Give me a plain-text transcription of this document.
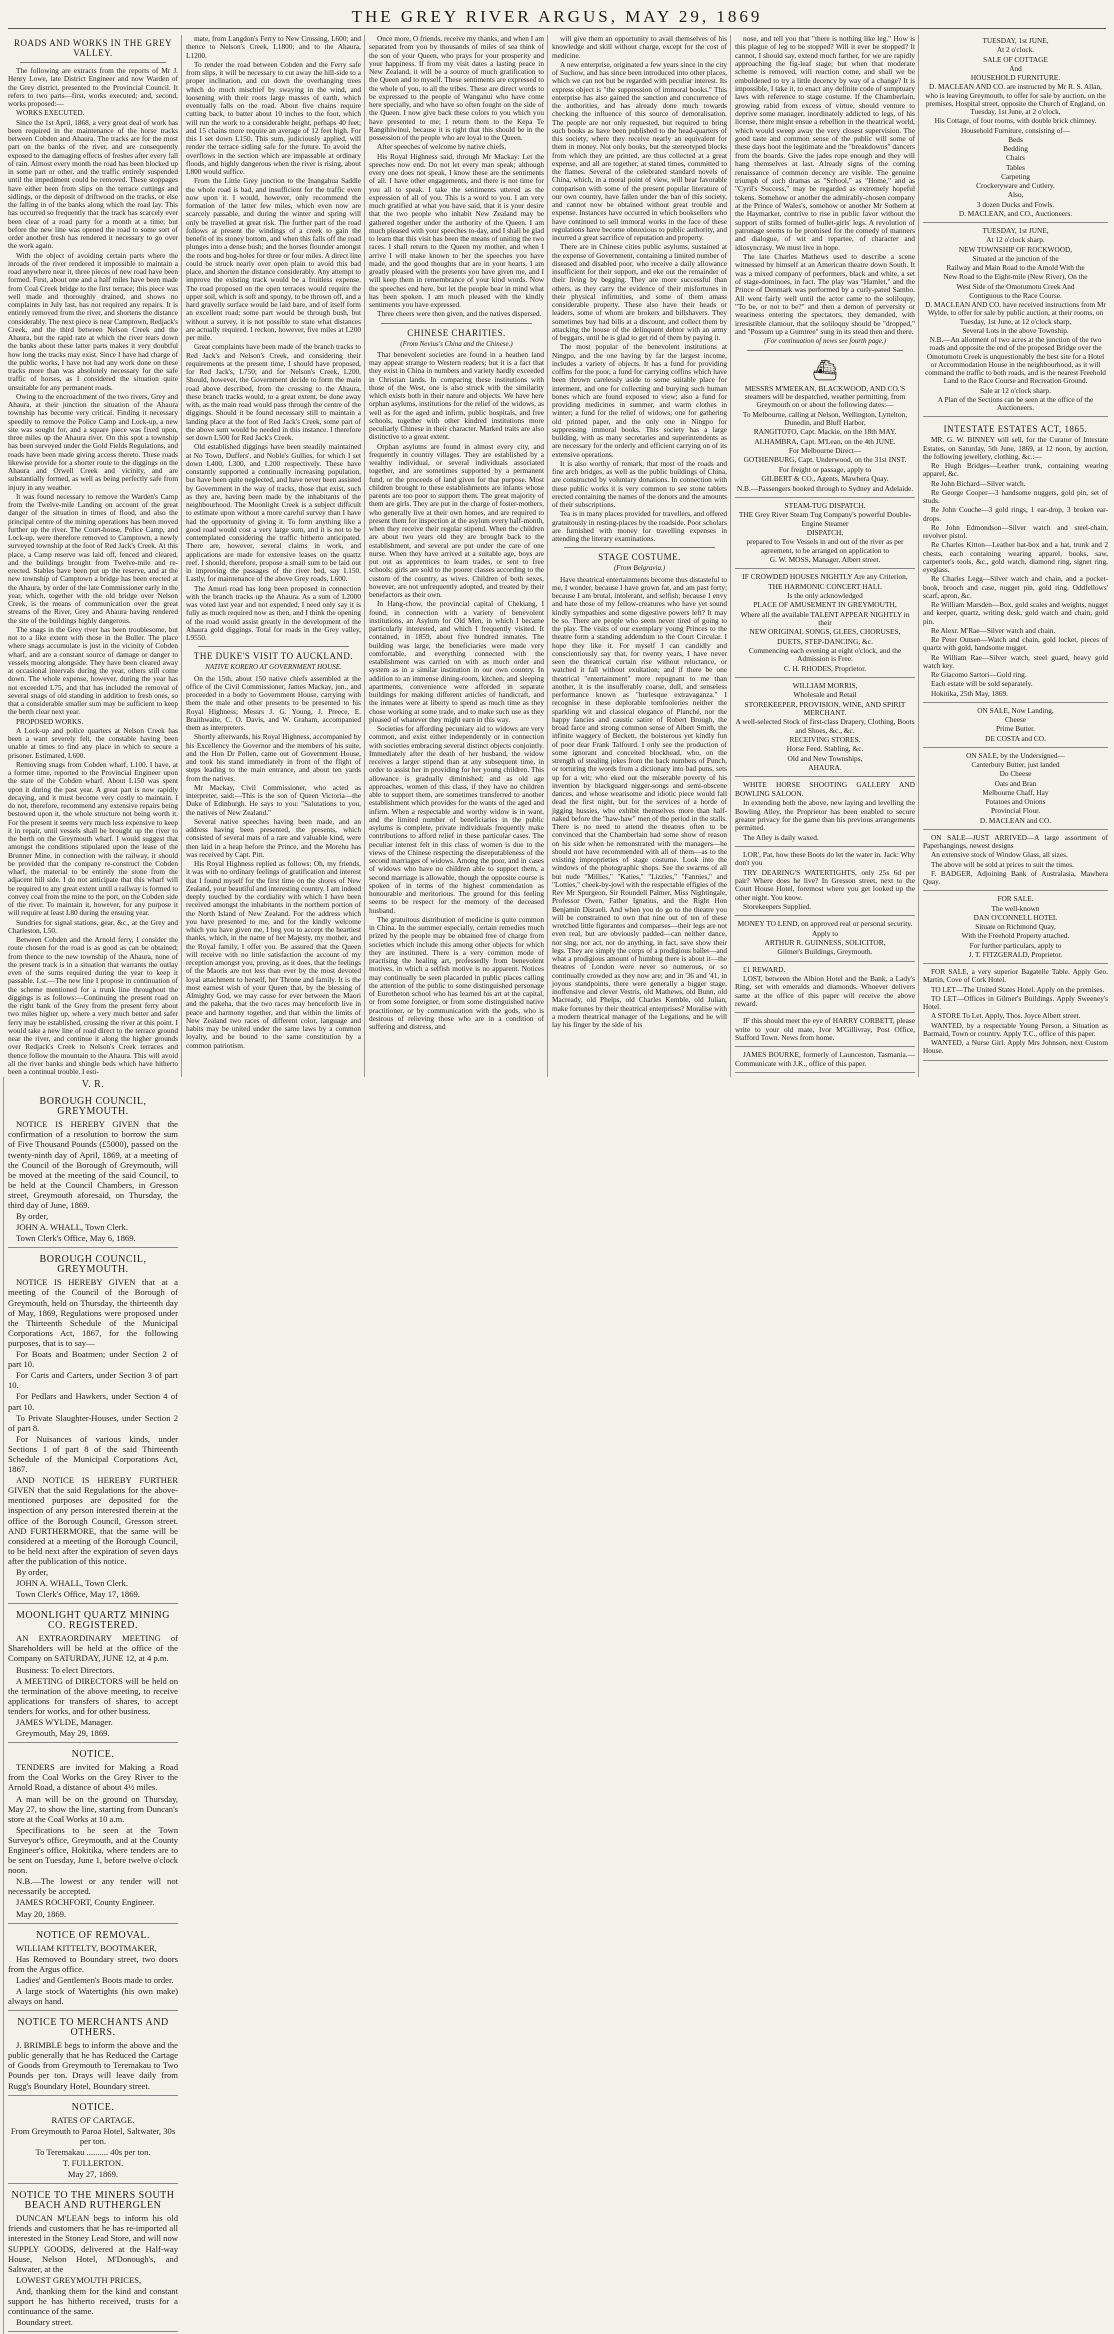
THE GREY RIVER ARGUS, MAY 29, 1869
ROADS AND WORKS IN THE GREY VALLEY.

The following are extracts from the reports of Mr J. Henry Lowe, late District Engineer and now Warden of the Grey district, presented to the Provincial Council. It refers to two parts—first, works executed; and, second, works proposed:—

WORKS EXECUTED.

Since the 1st April, 1868, a very great deal of work has been required in the maintenance of the horse tracks between Cobden and Ahaura. The tracks are for the most part on the banks of the river, and are consequently exposed to the damaging effects of freshes after every fall of rain. Almost every month the road has been blocked up in some part or other, and the traffic entirely suspended until the impediment could be removed. These stoppages have either been from slips on the terrace cuttings and sidlings, or the deposit of driftwood on the tracks, or else the falling in of the banks along which the road lay. This has occurred so frequently that the track has scarcely ever been clear of a road party for a month at a time; but before the new line was opened the road to some sort of order another fresh has rendered it necessary to go over the work again.

With the object of avoiding certain parts where the inroads of the river rendered it impossible to maintain a road anywhere near it, three pieces of new road have been formed. First, about one and a half miles have been made from Coal Creek bridge to the first terrace; this piece was well made and thoroughly drained, and shows no complaints in July last, has not required any repairs. It is entirely removed from the river, and shortens the distance considerably. The next piece is near Camptown, Redjack's Creek, and the third between Nelson Creek and the Ahaura, but the rapid rate at which the river tears down the banks about these latter parts makes it very doubtful how long the tracks may exist. Since I have had charge of the public works, I have not had any work done on these tracks more than was absolutely necessary for the safe traffic of horses, as I considered the situation quite unsuitable for any permanent roads.

Owing to the encroachment of the two rivers, Grey and Ahaura, at their junction the situation of the Ahaura township has become very critical. Finding it necessary speedily to remove the Police Camp and Lock-up, a new site was sought for, and a square piece was fixed upon, three miles up the Ahaura river. On this spot a township has been surveyed under the Gold Fields Regulations, and roads have been made giving access thereto. These roads likewise provide for a shorter route to the diggings on the Ahaura and Orwell Creek and vicinity, and are substantially formed, as well as being perfectly safe from injury in any weather.

It was found necessary to remove the Warden's Camp from the Twelve-mile Landing on account of the great danger of the situation in times of flood, and also the principal centre of the mining operations has been moved further up the river. The Court-house, Police Camp, and Lock-up, were therefore removed to Camptown, a newly surveyed township at the foot of Red Jack's Creek. At this place, a Camp reserve was laid off, fenced and cleared, and the buildings brought from Twelve-mile and re-erected. Stables have been put up the reserve, and at the new township of Camptown a bridge has been erected at the Ahaura, by order of the late Commissioner early in the year, which, together with the old bridge over Nelson Creek, is the means of communication over the great streams of the River, Grey and Ahaura having rendered the site of the buildings highly dangerous.

The snags in the Grey river has been troublesome, but not to a like extent with those in the Buller. The place where snags accumulate is just in the vicinity of Cobden wharf, and are a constant source of damage or danger to vessels mooring alongside. They have been cleared away at occasional intervals during the year, others still come down. The whole expense, however, during the year has not exceeded L75, and that has included the removal of several snags of old standing in addition to fresh ones, so that a considerable smaller sum may be sufficient to keep the berth clear next year.

PROPOSED WORKS.

A Lock-up and police quarters at Nelson Creek has been a want severely felt, the constable having been unable at times to find any place in which to secure a prisoner. Estimated, L600.

Removing snags from Cobden wharf, L100. I have, at a former time, reported to the Provincial Engineer upon the state of the Cobden wharf. About L150 was spent upon it during the past year. A great part is now rapidly decaying, and it must become very costly to maintain. I do not, therefore, recommend any extensive repairs being bestowed upon it, the whole structure not being worth it. For the present it seems very much less expensive to keep it in repair, until vessels shall be brought up the river to the berth on the Greymouth wharf. I would suggest that amongst the conditions stipulated upon the lease of the Brunner Mine, in connection with the railway, it should be provided that the company re-construct the Cobden wharf, the material to be entirely the stone from the adjacent hill side. I do not anticipate that this wharf will be required to any great extent until a railway is formed to convey coal from the mine to the port, on the Cobden side of the river. To maintain it, however, for any purpose it will require at least L80 during the ensuing year.

Sundries for signal stations, gear, &c., at the Grey and Charleston, L50.

Between Cobden and the Arnold ferry, I consider the route chosen for the road is as good as can be obtained; from thence to the new township of the Ahaura, none of the present track is in a situation that warrants the outlay even of the sums required during the year to keep it passable. Lst.—The new line I propose in continuation of the scheme mentioned for a trunk line throughout the diggings is as follows:—Continuing the present road on the right bank of the Grey from the present ferry about two miles higher up, where a very much better and safer ferry may be established, crossing the river at this point. I would take a new line of road direct to the terrace ground near the river, and continue it along the higher grounds over Redjack's Creek to Nelson's Creek terraces and thence follow the mountain to the Ahaura. This will avoid all the river banks and shingle beds which have hitherto been a continual trouble. I esti-

mate, from Langdon's Ferry to New Crossing, L600; and thence to Nelson's Creek, L1800; and to the Ahaura, L1200.

To render the road between Cobden and the Ferry safe from slips, it will be necessary to cut away the hill-side to a proper inclination, and cut down the overhanging trees which do much mischief by swaying in the wind, and loosening with their roots large masses of earth, which eventually falls on the road. About five chains require cutting back, to batter about 10 inches to the foot, which will run the work to a considerable height, perhaps 40 feet; and 15 chains more require an average of 12 feet high. For this I set down L150. This sum, judiciously applied, will render the terrace sidling safe for the future. To avoid the overflows in the section which are impassable at ordinary floods, and highly dangerous when the river is rising, about L800 would suffice.

From the Little Grey junction to the Inangahua Saddle the whole road is bad, and insufficient for the traffic even now upon it. I would, however, only recommend the formation of the latter few miles, which even now are scarcely passable, and during the winter and spring will only be travelled at great risk. The further part of the road follows at present the windings of a creek to gain the benefit of its stoney bottom, and when this falls off the road plunges into a dense bush; and the horses flounder amongst the roots and bog-holes for three or four miles. A direct line could be struck nearly over open plain to avoid this bad place, and shorten the distance considerably. Any attempt to improve the existing track would be a fruitless expense. The road proposed on the open terraces would require the upper soil, which is soft and spongy, to be thrown off, and a hard gravelly surface would be laid bare, and of itself form an excellent road; some part would be through bush, but without a survey, it is not possible to state what distances are actually required. I reckon, however, five miles at L200 per mile.

Great complaints have been made of the branch tracks to Red Jack's and Nelson's Creek, and considering their requirements at the present time, I should have proposed, for Red Jack's, L750; and for Nelson's Creek, L200. Should, however, the Government decide to form the main road above described, from the crossing to the Ahaura, these branch tracks would, to a great extent, be done away with, as the main road would pass through the centre of the diggings. Should it be found necessary still to maintain a landing place at the foot of Red Jack's Creek, some part of the above sum would be needed in this instance. I therefore set down L500 for Red Jack's Creek.

Old established diggings have been steadily maintained at No Town, Duffers', and Noble's Gullies, for which I set down L400, L300, and L200 respectively. These have constantly supported a continually increasing population, but have been quite neglected, and have never been assisted by Government in the way of tracks, those that exist, such as they are, having been made by the inhabitants of the neighbourhood. The Moonlight Creek is a subject difficult to estimate upon without a more careful survey than I have had the opportunity of giving it. To form anything like a good road would cost a very large sum, and it is not to be contemplated considering the traffic hitherto anticipated. There are, however, several claims in work, and applications are made for extensive leases on the quartz reef. I should, therefore, propose a small sum to be laid out in improving the passages of the river bed, say L150. Lastly, for maintenance of the above Grey roads, L600.

The Amuri road has long been proposed in connection with the branch tracks up the Ahaura. As a sum of L2000 was voted last year and not expended, I need only say it is fully as much required now as then, and I think the opening of the road would assist greatly in the development of the Ahaura gold diggings. Total for roads in the Grey valley, L9550.

THE DUKE'S VISIT TO AUCKLAND.
NATIVE KORERO AT GOVERNMENT HOUSE.

On the 15th, about 150 native chiefs assembled at the office of the Civil Commissioner, James Mackay, jun., and proceeded in a body to Government House, carrying with them the male and other presents to be presented to his Royal Highness; Messrs J. G. Young, J. Preece, E. Braithwaite, C. O. Davis, and W. Graham, accompanied them as interpreters.

Shortly afterwards, his Royal Highness, accompanied by his Excellency the Governor and the members of his suite, and the Hon Dr Pollen, came out of Government House, and took his stand immediately in front of the flight of steps leading to the main entrance, and about ten yards from the natives.

Mr Mackay, Civil Commissioner, who acted as interpreter, said:—This is the son of Queen Victoria—the Duke of Edinburgh. He says to you: "Salutations to you, the natives of New Zealand."

Several native speeches having been made, and an address having been presented, the presents, which consisted of several mats of a rare and valuable kind, were then laid in a heap before the Prince, and the Morehu has was received by Capt. Pitt.

His Royal Highness replied as follows: Oh, my friends, it was with no ordinary feelings of gratification and interest that I found myself for the first time on the shores of New Zealand, your beautiful and interesting country. I am indeed deeply touched by the cordiality with which I have been received amongst the inhabitants in the northern portion of the North Island of New Zealand. For the address which you have presented to me, and for the kindly welcome which you have given me, I beg you to accept the heartiest thanks, which, in the name of her Majesty, my mother, and the Royal family, I offer you. Be assured that the Queen will receive with no little satisfaction the account of my reception amongst you, proving, as it does, that the feelings of the Maoris are not less than ever by the most devoted loyal attachment to herself, her Throne and family. It is the most earnest wish of your Queen that, by the blessing of Almighty God, we may cause for ever between the Maori and the pakeha, that the two races may henceforth live in peace and harmony together, and that within the limits of New Zealand two races of different color, language and habits may be united under the same laws by a common loyalty, and be bound to the same constitution by a common patriotism.

Once more, O friends, receive my thanks, and when I am separated from you by thousands of miles of sea think of the son of your Queen, who prays for your prosperity and your happiness. If from my visit dates a lasting peace in New Zealand, it will be a source of much gratification to the Queen and to myself. These sentiments are expressed to the whole of you, to all the tribes. These are direct words to be expressed to the people of Wanganui who have come here specially, and who have so often fought on the side of the Queen. I now give back these colors to you which you have presented to me; I return them to the Kepa Te Rangihiwinui, because it is right that this should be in the possession of the people who are loyal to the Queen.

After speeches of welcome by native chiefs,

His Royal Highness said, through Mr Mackay: Let the speeches now end. Do not let every man speak; although every one does not speak, I know these are the sentiments of all. I have other engagements, and there is not time for you all to speak. I take the sentiments uttered as the expression of all of you. This is a word to you. I am very much gratified at what you have said, that it is your desire that the two people who inhabit New Zealand may be gathered together under the authority of the Queen. I am much pleased with your speeches to-day, and I shall be glad to learn that this visit has been the means of uniting the two races. I shall return to the Queen my mother, and when I arrive I will make known to her the speeches you have made, and the good thoughts that are in your hearts. I am greatly pleased with the presents you have given me, and I will keep them in remembrance of your kind words. Now the speeches end here, but let the people bear in mind what has been spoken. I am much pleased with the kindly sentiments you have expressed.

Three cheers were then given, and the natives dispersed.

CHINESE CHARITIES.
(From Nevius's China and the Chinese.)

That benevolent societies are found in a heathen land may appear strange to Western readers; but it is a fact that they exist in China in numbers and variety hardly exceeded in Christian lands. In comparing these institutions with those of the West, one is also struck with the similarity which exists both in their nature and objects. We have here orphan asylums, institutions for the relief of the widows, as well as for the aged and infirm, public hospitals, and free schools, together with other kindred institutions more peculiarly Chinese in their character. Marked traits are also distinctive to a great extent.

Orphan asylums are found in almost every city, and frequently in country villages. They are established by a wealthy individual, or several individuals associated together, and are sometimes supported by a permanent fund, or the proceeds of land given for that purpose. Most children brought to these establishments are infants whose parents are too poor to support them. The great majority of them are girls. They are put in the charge of foster-mothers, who generally live at their own homes, and are required to present them for inspection at the asylum every half-month, when they receive their regular stipend. When the children are about two years old they are brought back to the establishment, and several are put under the care of one nurse. When they have arrived at a suitable age, boys are put out as apprentices to learn trades, or sent to free schools; girls are sold to the poorer classes according to the custom of the country, as wives. Children of both sexes, however, are not unfrequently adopted, and treated by their benefactors as their own.

In Hang-chow, the provincial capital of Chekiang, I found, in connection with a variety of benevolent institutions, an Asylum for Old Men, in which I became particularly interested, and which I frequently visited. It contained, in 1859, about five hundred inmates. The building was large, the beneficiaries were made very comfortable, and everything connected with the establishment was carried on with as much order and system as in a similar institution in our own country. In addition to an immense dining-room, kitchen, and sleeping apartments, convenience were afforded in separate buildings for making different articles of handicraft, and the inmates were at liberty to spend as much time as they chose working at some trade, and to make such use as they pleased of whatever they might earn in this way.

Societies for affording pecuniary aid to widows are very common, and exist either independently or in connection with societies embracing several distinct objects conjointly. Immediately after the death of her husband, the widow receives a larger stipend than at any subsequent time, in order to assist her in providing for her young children. This allowance is gradually diminished; and as old age approaches, women of this class, if they have no children able to support them, are sometimes transferred to another establishment which provides for the wants of the aged and infirm. When a respectable and worthy widow is in want, and the limited number of beneficiaries in the public asylums is complete, private individuals frequently make contributions to afford relief in these particular cases. The peculiar interest felt in this class of women is due to the views of the Chinese respecting the disreputableness of the second marriages of widows. Among the poor, and in cases of widows who have no children able to support them, a second marriage is allowable, though the opposite course is spoken of in terms of the highest commendation as honourable and meritorious. The ground for this feeling seems to be respect for the memory of the deceased husband.

The gratuitous distribution of medicine is quite common in China. In the summer especially, certain remedies much prized by the people may be obtained free of charge from societies which include this among other objects for which they are instituted. There is a very common mode of practising the healing art, professedly from benevolent motives, in which a selfish motive is no apparent. Notices may continually be seen placarded in public places calling the attention of the public to some distinguished personage of Eurotheton school who has learned his art at the capital, or from some foreigner, or from some distinguished native practitioner, or by communication with the gods, who is desirous of relieving those who are in a condition of suffering and distress, and

will give them an opportunity to avail themselves of his knowledge and skill without charge, except for the cost of medicine.

A new enterprise, originated a few years since in the city of Suchow, and has since been introduced into other places, which we can not but be regarded with peculiar interest. Its express object is "the suppression of immoral books." This enterprise has also gained the sanction and concurrence of the authorities, and has already done much towards checking the influence of this source of demoralisation. The people are not only requested, but required to bring such books as have been published to the head-quarters of this society, where they receive nearly an equivalent for them in money. Not only books, but the stereotyped blocks from which they are printed, are thus collected at a great expense, and all are together, at stated times, committed to the flames. Several of the celebrated standard novels of China, which, in a moral point of view, will bear favorable comparison with some of the present popular literature of our own country, have fallen under the ban of this society, and cannot now be obtained without great trouble and expense. Instances have occurred in which booksellers who have continued to sell immoral works in the face of these regulations have become obnoxious to public authority, and incurred a great sacrifice of reputation and property.

There are in Chinese cities public asylums, sustained at the expense of Government, containing a limited number of diseased and disabled poor, who receive a daily allowance insufficient for their support, and eke out the remainder of their living by begging. They are more successful than others, as they carry the evidence of their misfortunes in their physical infirmities, and some of them amass considerable property. These also have their heads or leaders, some of whom are brokers and billshavers. They sometimes buy bad bills at a discount, and collect them by attacking the house of the delinquent debtor with an army of beggars, until he is glad to get rid of them by paying it.

The most popular of the benevolent institutions at Ningpo, and the one having by far the largest income, includes a variety of objects. It has a fund for providing coffins for the poor, a fund for carrying coffins which have been thrown carelessly aside to some suitable place for interment, and one for collecting and burying such human bones which are found exposed to view; also a fund for providing medicines in summer, and warm clothes in winter; a fund for the relief of widows; one for gathering old printed paper, and the only one in Ningpo for suppressing immoral books. This society has a large building, with as many secretaries and superintendents as are necessary for the orderly and efficient carrying on of its extensive operations.

It is also worthy of remark, that most of the roads and fine arch bridges, as well as the public buildings of China, are constructed by voluntary donations. In connection with these public works it is very common to see stone tablets erected containing the names of the donors and the amounts of their subscriptions.

Tea is in many places provided for travellers, and offered gratuitously in resting-places by the roadside. Poor scholars are furnished with money for travelling expenses in attending the literary examinations.

STAGE COSTUME.
(From Belgravia.)

Have theatrical entertainments become thus distasteful to me, I wonder, because I have grown fat, and am past forty; because I am brutal, intolerant, and selfish; because I envy and hate those of my fellow-creatures who have yet sound kindly sympathies and some digestive powers left? It may be so. There are people who seem never tired of going to the play. The visits of our exemplary young Princes to the theatre form a standing addendum to the Court Circular. I hope they like it. For myself I can candidly and conscientiously say that, for twenty years, I have never seen the theatrical curtain rise without reluctance, or watched it fall without exultation; and if there be one theatrical "entertainment" more repugnant to me than another, it is the insufferably coarse, dull, and senseless performance known as "burlesque extravaganza." I recognise in these deplorable tomfooleries neither the sparkling wit and classical elegance of Planché, nor the happy fancies and caustic satire of Robert Brough, the broad farce and strong common sense of Albert Smith, the infinite waggery of Beckett, the boisterous yet kindly fun of poor dear Frank Talfourd. I only see the production of some ignorant and conceited blockhead, who, on the strength of stealing jokes from the back numbers of Punch, or torturing the words from a dictionary into bad puns, sets up for a wit; who eked out the miserable poverty of his invention by blackguard nigger-songs and semi-obscene dances, and whose wearisome and idiotic piece would fall dead the first night, but for the services of a horde of jigging hussies, who exhibit themselves more than half-naked before the "haw-haw" men of the period in the stalls. There is no need to attend the theatres often to be convinced that the Chamberlain had some show of reason on his side when he remonstrated with the managers—he should not have recommended with all of them—as to the existing improprieties of stage costume. Look into the windows of the photographic shops. See the swarms of all but nude "Millies," "Katies," "Lizzies," "Fannies," and "Lotties," cheek-by-jowl with the respectable effigies of the Rev Mr Spurgeon, Sir Roundell Palmer, Miss Nightingale, Professor Owen, Father Ignatius, and the Right Hon Benjamin Disraeli. And when you do go to the theatre you will be constrained to own that nine out of ten of these wretched little figurantes and comparses—their legs are not even real, but are obviously padded—can neither dance, nor sing, nor act, nor do anything, in fact, save show their legs. They are simply the corps of a prodigious ballet—and what a prodigious amount of humbug there is about it—the theatres of London were never so numerous, or so continually crowded as they now are; and in '36 and '41, in joyous standpoints, there were generally a bigger stage, inoffensive and clever Vestris, old Mathews, old Bunn, old Macready, old Phelps, old Charles Kemble, old Julian, make fortunes by their theatrical enterprises? Moralise with a modern theatrical manager of the Legations, and he will lay his finger by the side of his

nose, and tell you that "there is nothing like leg." How is this plague of leg to be stopped? Will it ever be stopped? It cannot, I should say, extend much farther, for we are rapidly approaching the fig-leaf stage; but when that moderate scheme is removed, will reaction come, and shall we be emboldened to try a little decency by way of a change? It is impossible, I take it, to enact any definite code of sumptuary laws with reference to stage costume. If the Chamberlain, growing rabid from excess of virtue, should venture to deprive some manager, inordinately addicted to legs, of his license, there might ensue a rebellion in the theatrical world, which would sweep away the very closest supervision. The good taste and common sense of the public will some of these days hoot the legitimate and the "breakdowns" dancers from the boards. Give the jades rope enough and they will hang themselves at last. Already signs of the coming renaissance of common decency are visible. The genuine triumph of such dramas as "School," as "Home," and as "Cyril's Success," may be regarded as extremely hopeful tokens. Somehow or another the admirably-chosen company at the Prince of Wales's, somehow or another Mr Sothern at the Haymarket, contrive to rise in public favor without the support of stilts formed of bullet-girls' legs. A revolution of patronage seems to be promised for the comedy of manners and dialogue, of wit and repartee, of character and idiosyncrasy. We must live in hope.

The late Charles Mathews used to describe a scene witnessed by himself at an American theatre down South. It was a mixed company of performers, black and white, a set of stage-dominoes, in fact. The play was "Hamlet," and the Prince of Denmark was performed by a curly-pated Sambo. All went fairly well until the actor came to the soliloquy, "To be, or not to be?" and then a demon of perversity or weariness entering the spectators, they demanded, with irresistible clamour, that the soliloquy should be "dropped," and "Possum up a Gumtree" sung in its stead then and there.

(For continuation of news see fourth page.)
⛴

MESSRS M'MEEKAN, BLACKWOOD, AND CO.'S steamers will be despatched, weather permitting, from Greymouth on or about the following dates:—

To Melbourne, calling at Nelson, Wellington, Lyttelton, Dunedin, and Bluff Harbor,

RANGITOTO, Capt. Mackie, on the 18th MAY.

ALHAMBRA, Capt. M'Lean, on the 4th JUNE.

For Melbourne Direct—

GOTHENBURG, Capt. Underwood, on the 31st INST.

For freight or passage, apply to

GILBERT & CO., Agents, Mawhera Quay.

N.B.—Passengers booked through to Sydney and Adelaide.

STEAM-TUG DISPATCH.

THE Grey River Steam Tug Company's powerful Double-Engine Steamer

DISPATCH,

prepared to Tow Vessels in and out of the river as per agreement, to be arranged on application to

G. W. MOSS, Manager, Albert street.

IF CROWDED HOUSES NIGHTLY Are any Criterion,

THE HARMONIC CONCERT HALL

Is the only acknowledged

PLACE OF AMUSEMENT IN GREYMOUTH,

Where all the available TALENT APPEAR NIGHTLY in their

NEW ORIGINAL SONGS, GLEES, CHORUSES,

DUETS, STEP-DANCING, &c.

Commencing each evening at eight o'clock, and the Admission is Free.

C. H. RHODES, Proprietor.

WILLIAM MORRIS,

Wholesale and Retail

STOREKEEPER, PROVISION, WINE, AND SPIRIT MERCHANT.

A well-selected Stock of first-class Drapery, Clothing, Boots and Shoes, &c., &c.

RECEIVING STORES.

Horse Feed. Stabling, &c.

Old and New Townships,

AHAURA.

WHITE HORSE SHOOTING GALLERY AND BOWLING SALOON.

In extending both the above, new laying and levelling the Bowling Alley, the Proprietor has been enabled to secure greater privacy for the game than his previous arrangements permitted.

The Alley is daily waxed.

LOR', Pat, how these Boots do let the water in. Jack: Why don't you

TRY DEARING'S WATERTIGHTS, only 25s 6d per pair? Where does he live? In Gresson street, next to the Court House Hotel, foremost where you get looked up the other night. You know.

Storekeepers Supplied.

MONEY TO LEND, on approved real or personal security.

Apply to

ARTHUR R. GUINNESS, SOLICITOR,

Gilmer's Buildings, Greymouth.

£1 REWARD.

LOST, between the Albion Hotel and the Bank, a Lady's Ring, set with emeralds and diamonds. Whoever delivers same at the office of this paper will receive the above reward.

IF this should meet the eye of HARRY CORBETT, please write to your old mate, Ivor M'Gillivray, Post Office, Stafford Town. News from home.

JAMES BOURKE, formerly of Launceston, Tasmania.—Communicate with J.K., office of this paper.

TUESDAY, 1st JUNE,

At 2 o'clock.

SALE OF COTTAGE

And

HOUSEHOLD FURNITURE.

D. MACLEAN AND CO. are instructed by Mr R. S. Allan, who is leaving Greymouth, to offer for sale by auction, on the premises, Hospital street, opposite the Church of England, on Tuesday, 1st June, at 2 o'clock,

His Cottage, of four rooms, with double brick chimney.

Household Furniture, consisting of—

Beds

Bedding

Chairs

Tables

Carpeting

Crockeryware and Cutlery.

Also,

3 dozen Ducks and Fowls.

D. MACLEAN, and CO., Auctioneers.

TUESDAY, 1st JUNE,

At 12 o'clock sharp.

NEW TOWNSHIP OF ROCKWOOD,

Situated at the junction of the

Railway and Main Road to the Arnold With the

New Road to the Eight-mile (New River), On the

West Side of the Omotumotu Creek And

Contiguous to the Race Course.

D. MACLEAN AND CO. have received instructions from Mr Wylde, to offer for sale by public auction, at their rooms, on Tuesday, 1st June, at 12 o'clock sharp,

Several Lots in the above Township.

N.B.—An allotment of two acres at the junction of the two roads and opposite the end of the proposed Bridge over the Omotumotu Creek is unquestionably the best site for a Hotel or Accommodation House in the neighbourhood, as it will command the traffic to both roads, and is the nearest Freehold Land to the Race Course and Recreation Ground.

Sale at 12 o'clock sharp.

A Plan of the Sections can be seen at the office of the Auctioneers.

INTESTATE ESTATES ACT, 1865.

MR. G. W. BINNEY will sell, for the Curator of Intestate Estates, on Saturday, 5th June, 1869, at 12 noon, by auction, the following jewellery, clothing, &c.:—

Re Hugh Bridges—Leather trunk, containing wearing apparel, &c.

Re John Bichard—Silver watch.

Re George Cooper—3 handsome nuggets, gold pin, set of studs.

Re John Couche—3 gold rings, 1 ear-drop, 3 broken ear-drops.

Re John Edmondson—Silver watch and steel-chain, revolver pistol.

Re Charles Kitton—Leather hat-box and a hat, trunk and 2 chests, each containing wearing apparel, books, saw, carpenter's tools, &c., gold watch, diamond ring, signet ring, eyeglass.

Re Charles Legg—Silver watch and chain, and a pocket-book, brooch and case, nugget pin, gold ring, Oddfellows' scarf, apron, &c.

Re William Marsden—Box, gold scales and weights, nugget and keeper, quartz, writing desk, gold watch and chain, gold pin.

Re Alexr. M'Rae—Silver watch and chain.

Re Peter Outsen—Watch and chain, gold locket, pieces of quartz with gold, handsome nugget.

Re William Rae—Silver watch, steel guard, heavy gold watch key.

Re Giacomo Sartori—Gold ring.

Each estate will be sold separately.

Hokitika, 25th May, 1869.

ON SALE, Now Landing,

Cheese

Prime Butter.

DE COSTA and CO.

ON SALE, by the Undersigned—

Canterbury Butter, just landed

Do Cheese

Oats and Bran

Melbourne Chaff, Hay

Potatoes and Onions

Provincial Flour.

D. MACLEAN and CO.

ON SALE—JUST ARRIVED—A large assortment of Paperhangings, newest designs

An extensive stock of Window Glass, all sizes.

The above will be sold at prices to suit the times.

F. BADGER, Adjoining Bank of Australasia, Mawhera Quay.

FOR SALE.

The well-known

DAN O'CONNELL HOTEL

Situate on Richmond Quay,

With the Freehold Property attached.

For further particulars, apply to

J. T. FITZGERALD, Proprietor.

FOR SALE, a very superior Bagatelle Table. Apply Geo. Martin, Cove of Cork Hotel.

TO LET—The United States Hotel. Apply on the premises.

TO LET—Offices in Gilmer's Buildings. Apply Sweeney's Hotel.

A STORE To Let. Apply, Thos. Joyce Albert street.

WANTED, by a respectable Young Person, a Situation as Barmaid, Town or country. Apply T.C., office of this paper.

WANTED, a Nurse Girl. Apply Mrs Johnson, next Custom House.

V. R.
BOROUGH COUNCIL, GREYMOUTH.

NOTICE IS HEREBY GIVEN that the confirmation of a resolution to borrow the sum of Five Thousand Pounds (£5000), passed on the twenty-ninth day of April, 1869, at a meeting of the Council of the Borough of Greymouth, will be moved at the meeting of the said Council, to be held at the Council Chambers, in Gresson street, Greymouth aforesaid, on Thursday, the third day of June, 1869.

By order,

JOHN A. WHALL, Town Clerk.

Town Clerk's Office, May 6, 1869.

BOROUGH COUNCIL, GREYMOUTH.

NOTICE IS HEREBY GIVEN that at a meeting of the Council of the Borough of Greymouth, held on Thursday, the thirteenth day of May, 1869, Regulations were proposed under the Thirteenth Schedule of the Municipal Corporations Act, 1867, for the following purposes, that is to say—

For Boats and Boatmen; under Section 2 of part 10.

For Carts and Carters, under Section 3 of part 10.

For Pedlars and Hawkers, under Section 4 of part 10.

To Private Slaughter-Houses, under Section 2 of part 8.

For Nuisances of various kinds, under Sections 1 of part 8 of the said Thirteenth Schedule of the Municipal Corporations Act, 1867.

AND NOTICE IS HEREBY FURTHER GIVEN that the said Regulations for the above-mentioned purposes are deposited for the inspection of any person interested therein at the office of the Borough Council, Gresson street. AND FURTHERMORE, that the same will be considered at a meeting of the Borough Council, to be held next after the expiration of seven days after the publication of this notice.

By order,

JOHN A. WHALL, Town Clerk.

Town Clerk's Office, May 17, 1869.

MOONLIGHT QUARTZ MINING CO. REGISTERED.

AN EXTRAORDINARY MEETING of Shareholders will be held at the office of the Company on SATURDAY, JUNE 12, at 4 p.m.

Business: To elect Directors.

A MEETING of DIRECTORS will be held on the termination of the above meeting, to receive applications for transfers of shares, to accept tenders for works, and for other business.

JAMES WYLDE, Manager.

Greymouth, May 29, 1869.

NOTICE.

TENDERS are invited for Making a Road from the Coal Works on the Grey River to the Arnold Road, a distance of about 4½ miles.

A man will be on the ground on Thursday, May 27, to show the line, starting from Duncan's store at the Coal Works at 10 a.m.

Specifications to be seen at the Town Surveyor's office, Greymouth, and at the County Engineer's office, Hokitika, where tenders are to be sent on Tuesday, June 1, before twelve o'clock noon.

N.B.—The lowest or any tender will not necessarily be accepted.

JAMES ROCHFORT, County Engineer.

May 20, 1869.

NOTICE OF REMOVAL.

WILLIAM KITTELTY, BOOTMAKER,

Has Removed to Boundary street, two doors from the Argus office.

Ladies' and Gentlemen's Boots made to order.

A large stock of Watertights (his own make) always on hand.

NOTICE TO MERCHANTS AND OTHERS.

J. BRIMBLE begs to inform the above and the public generally that he has Reduced the Cartage of Goods from Greymouth to Teremakau to Two Pounds per ton. Drays will leave daily from Rugg's Boundary Hotel, Boundary street.

NOTICE.

RATES OF CARTAGE.

From Greymouth to Paroa Hotel, Saltwater, 30s per ton.

To Teremakau .......... 40s per ton.

T. FULLERTON.

May 27, 1869.

NOTICE TO THE MINERS SOUTH BEACH AND RUTHERGLEN

DUNCAN M'LEAN begs to inform his old friends and customers that he has re-imported all interested in the Stoney Lead Store, and will now SUPPLY GOODS, delivered at the Half-way House, Nelson Hotel, M'Donough's, and Saltwater, at the

LOWEST GREYMOUTH PRICES,

And, thanking them for the kind and constant support he has hitherto received, trusts for a continuance of the same.

Boundary street.
